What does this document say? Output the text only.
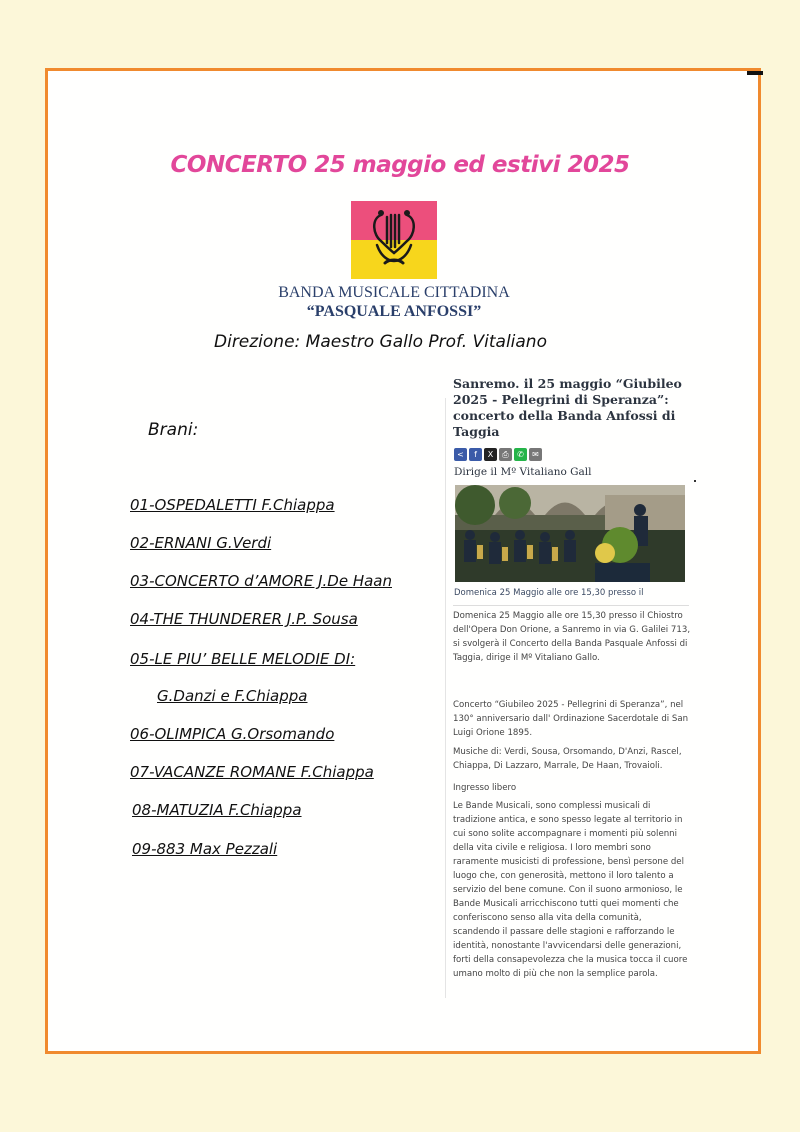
CONCERTO 25 maggio ed estivi 2025
BANDA MUSICALE CITTADINA
“PASQUALE ANFOSSI”
Direzione: Maestro Gallo Prof. Vitaliano
Brani:
01-OSPEDALETTI F.Chiappa
02-ERNANI G.Verdi
03-CONCERTO d’AMORE J.De Haan
04-THE THUNDERER J.P. Sousa
05-LE PIU’ BELLE MELODIE DI:
G.Danzi e F.Chiappa
06-OLIMPICA G.Orsomando
07-VACANZE ROMANE F.Chiappa
08-MATUZIA F.Chiappa
09-883 Max Pezzali
Sanremo. il 25 maggio “Giubileo 2025 - Pellegrini di Speranza”: concerto della Banda Anfossi di Taggia
<	f	X	⎙	✆	✉
Dirige il Mº Vitaliano Gall
Domenica 25 Maggio alle ore 15,30 presso il
Domenica 25 Maggio alle ore 15,30 presso il Chiostro dell'Opera Don Orione, a Sanremo in via G. Galilei 713, si svolgerà il Concerto della Banda Pasquale Anfossi di Taggia, dirige il Mº Vitaliano Gallo.
Concerto “Giubileo 2025 - Pellegrini di Speranza”, nel 130° anniversario dall' Ordinazione Sacerdotale di San Luigi Orione 1895.
Musiche di: Verdi, Sousa, Orsomando, D'Anzi, Rascel, Chiappa, Di Lazzaro, Marrale, De Haan, Trovaioli.
Ingresso libero
Le Bande Musicali, sono complessi musicali di tradizione antica, e sono spesso legate al territorio in cui sono solite accompagnare i momenti più solenni della vita civile e religiosa. I loro membri sono raramente musicisti di professione, bensì persone del luogo che, con generosità, mettono il loro talento a servizio del bene comune. Con il suono armonioso, le Bande Musicali arricchiscono tutti quei momenti che conferiscono senso alla vita della comunità, scandendo il passare delle stagioni e rafforzando le identità, nonostante l'avvicendarsi delle generazioni, forti della consapevolezza che la musica tocca il cuore umano molto di più che non la semplice parola.
